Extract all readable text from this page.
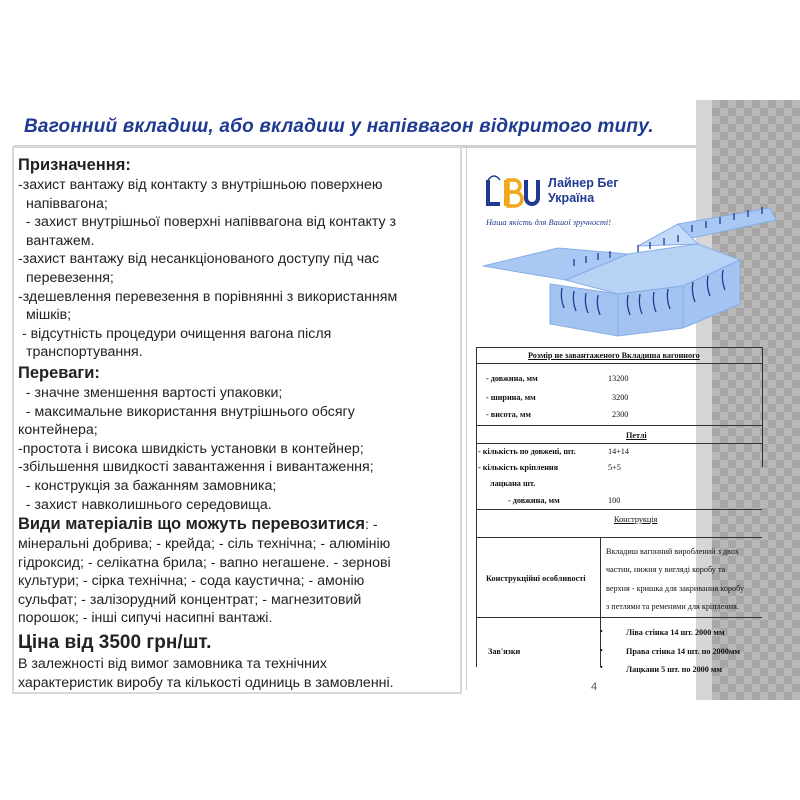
Вагонний вкладиш, або вкладиш у напіввагон відкритого типу.
Призначення:
-захист вантажу від контакту з внутрішньою поверхнею
напіввагона;
- захист внутрішньої поверхні напіввагона від контакту з
вантажем.
-захист вантажу від несанкціонованого доступу під час
перевезення;
-здешевлення перевезення в порівнянні з використанням
мішків;
- відсутність процедури очищення вагона після
транспортування.
Переваги:
- значне зменшення вартості упаковки;
- максимальне використання внутрішнього обсягу
контейнера;
-простота і висока швидкість установки в контейнер;
-збільшення швидкості завантаження і вивантаження;
- конструкція за бажанням замовника;
- захист навколишнього середовища.
Види матеріалів що можуть перевозитися: -
мінеральні добрива; - крейда; - сіль технічна; - алюмінію
гідроксид; - селікатна брила; - вапно негашене. - зернові
культури; - сірка технічна; - сода каустична; - амонію
сульфат; - залізорудний концентрат; - магнезитовий
порошок; - інші сипучі насипні вантажі.
Ціна від 3500 грн/шт.
В залежності від вимог замовника та технічних
характеристик виробу та кількості одиниць в замовленні.
Лайнер Бег
Україна
Наша якість для Вашої зручності!
Розмір не завантаженого Вкладиша вагонного
- довжина, мм	13200
- ширина, мм	3200
- висота, мм	2300
Петлі
- кількість по довжені, шт.	14+14
- кількість кріплення
лацкана шт.
5+5
- довжина, мм	100
Конструкція
Конструкційні особливості
Вкладиш вагонний вироблений з двох
частин, нижня у вигляді коробу та
верхня - кришка для закривання коробу
з петлями та ременями для кріплення.
Зав'язки
•	Ліва стінка 14 шт. 2000 мм
•	Права стінка 14 шт. по 2000мм
•	Лацкани 5 шт. по 2000 мм
4
